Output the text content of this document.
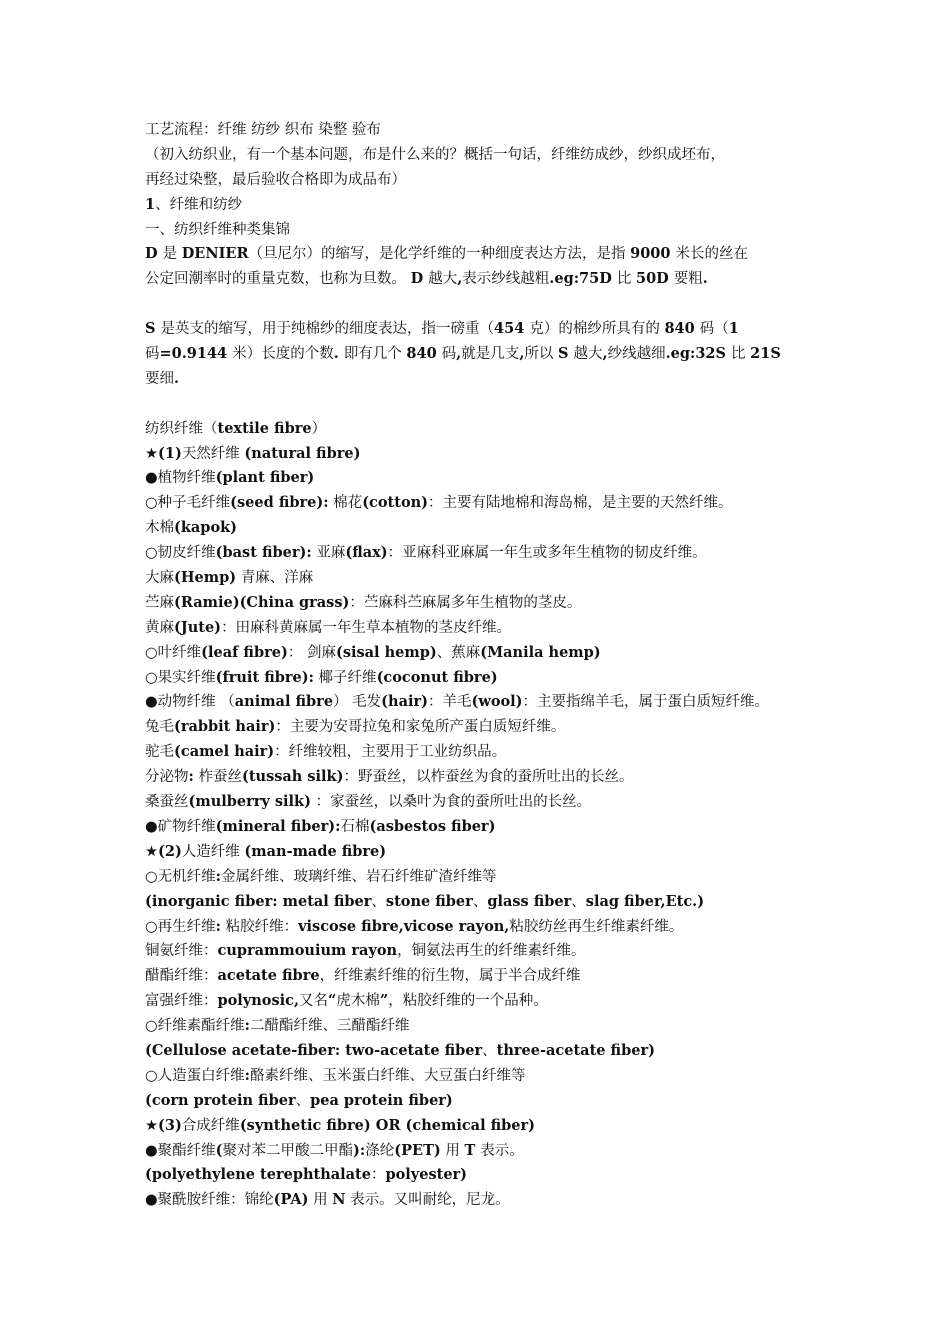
工艺流程：纤维 纺纱 织布 染整 验布
（初入纺织业，有一个基本问题，布是什么来的？概括一句话，纤维纺成纱，纱织成坯布，
再经过染整，最后验收合格即为成品布）
1、纤维和纺纱
一、纺织纤维种类集锦
D 是 DENIER（旦尼尔）的缩写，是化学纤维的一种细度表达方法，是指 9000 米长的丝在
公定回潮率时的重量克数，也称为旦数。 D 越大,表示纱线越粗.eg:75D 比 50D 要粗.
S 是英支的缩写，用于纯棉纱的细度表达，指一磅重（454 克）的棉纱所具有的 840 码（1
码=0.9144 米）长度的个数. 即有几个 840 码,就是几支,所以 S 越大,纱线越细.eg:32S 比 21S
要细.
纺织纤维（textile fibre）
★(1)天然纤维 (natural fibre)
●植物纤维(plant fiber)
○种子毛纤维(seed fibre): 棉花(cotton)：主要有陆地棉和海岛棉，是主要的天然纤维。
木棉(kapok)
○韧皮纤维(bast fiber): 亚麻(flax)：亚麻科亚麻属一年生或多年生植物的韧皮纤维。
大麻(Hemp) 青麻、洋麻
苎麻(Ramie)(China grass)：苎麻科苎麻属多年生植物的茎皮。
黄麻(Jute)：田麻科黄麻属一年生草本植物的茎皮纤维。
○叶纤维(leaf fibre)： 剑麻(sisal hemp)、蕉麻(Manila hemp)
○果实纤维(fruit fibre): 椰子纤维(coconut fibre)
●动物纤维 （animal fibre） 毛发(hair)：羊毛(wool)：主要指绵羊毛，属于蛋白质短纤维。
兔毛(rabbit hair)：主要为安哥拉兔和家兔所产蛋白质短纤维。
驼毛(camel hair)：纤维较粗，主要用于工业纺织品。
分泌物: 柞蚕丝(tussah silk)：野蚕丝，以柞蚕丝为食的蚕所吐出的长丝。
桑蚕丝(mulberry silk) ：家蚕丝，以桑叶为食的蚕所吐出的长丝。
●矿物纤维(mineral fiber):石棉(asbestos fiber)
★(2)人造纤维 (man-made fibre)
○无机纤维:金属纤维、玻璃纤维、岩石纤维矿渣纤维等
(inorganic fiber: metal fiber、stone fiber、glass fiber、slag fiber,Etc.)
○再生纤维: 粘胶纤维：viscose fibre,vicose rayon,粘胶纺丝再生纤维素纤维。
铜氨纤维：cuprammouium rayon，铜氨法再生的纤维素纤维。
醋酯纤维：acetate fibre，纤维素纤维的衍生物，属于半合成纤维
富强纤维：polynosic,又名“虎木棉”，粘胶纤维的一个品种。
○纤维素酯纤维:二醋酯纤维、三醋酯纤维
(Cellulose acetate-fiber: two-acetate fiber、three-acetate fiber)
○人造蛋白纤维:酪素纤维、玉米蛋白纤维、大豆蛋白纤维等
(corn protein fiber、pea protein fiber)
★(3)合成纤维(synthetic fibre) OR (chemical fiber)
●聚酯纤维(聚对苯二甲酸二甲酯):涤纶(PET) 用 T 表示。
(polyethylene terephthalate：polyester)
●聚酰胺纤维：锦纶(PA) 用 N 表示。又叫耐纶，尼龙。
